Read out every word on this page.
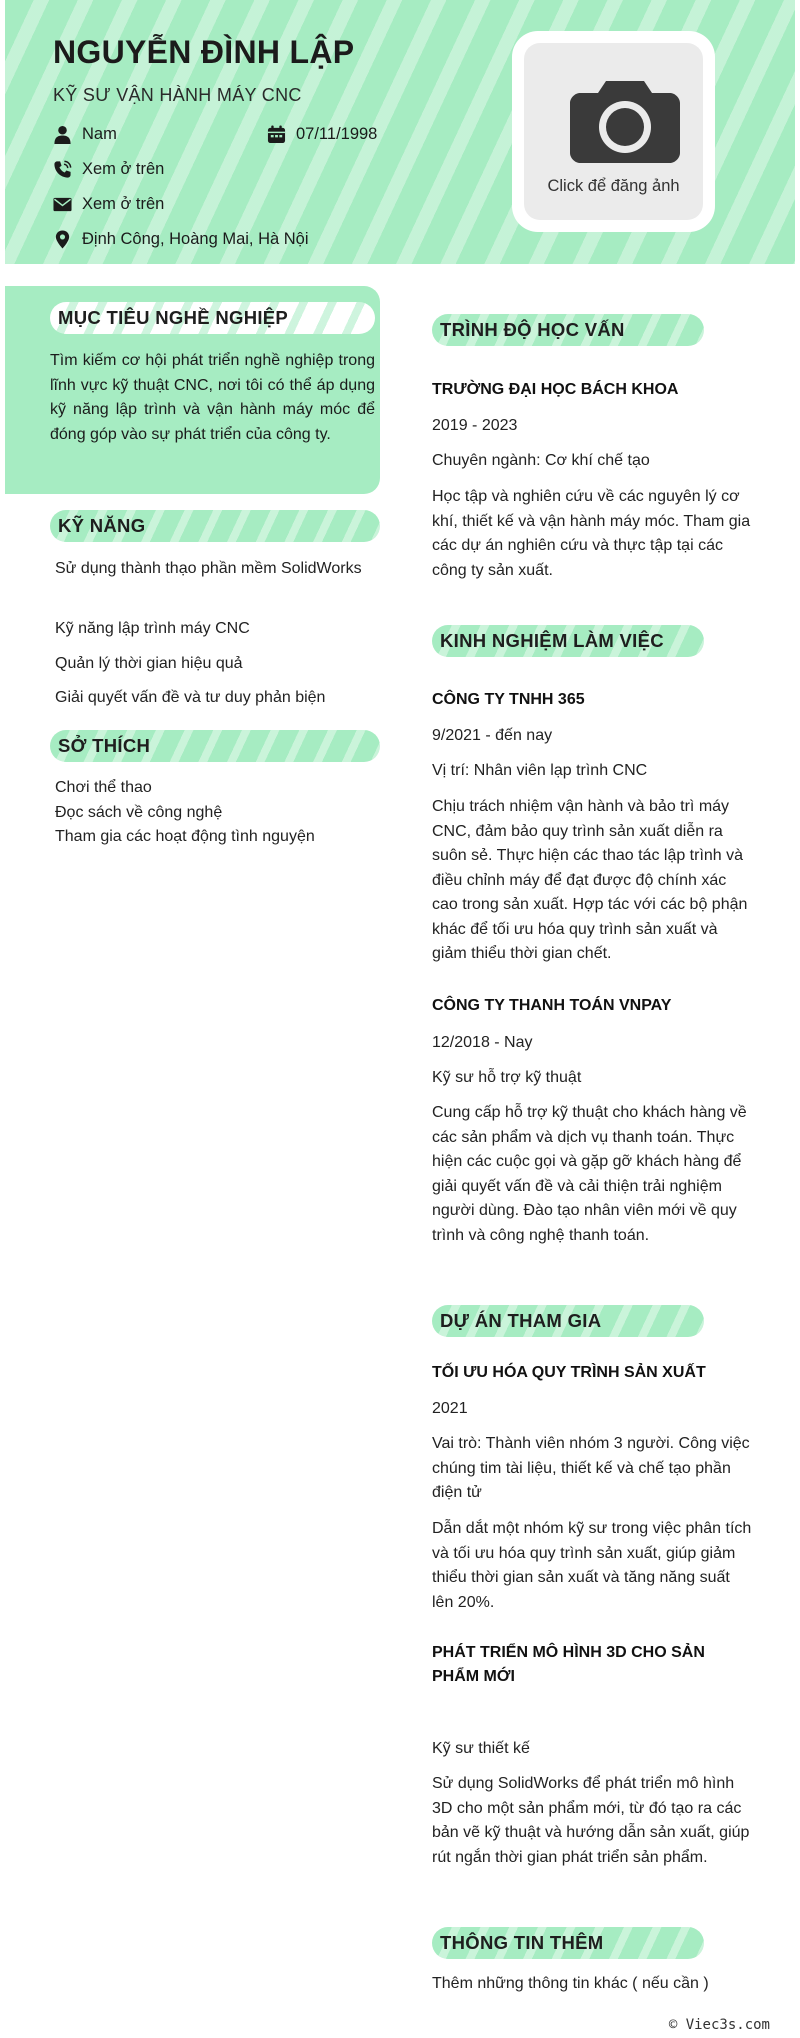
NGUYỄN ĐÌNH LẬP
KỸ SƯ VẬN HÀNH MÁY CNC
Nam	07/11/1998
Xem ở trên
Xem ở trên
Định Công, Hoàng Mai, Hà Nội
Click để đăng ảnh
MỤC TIÊU NGHỀ NGHIỆP
Tìm kiếm cơ hội phát triển nghề nghiệp trong lĩnh vực kỹ thuật CNC, nơi tôi có thể áp dụng kỹ năng lập trình và vận hành máy móc để đóng góp vào sự phát triển của công ty.
KỸ NĂNG
Sử dụng thành thạo phần mềm SolidWorks
Kỹ năng lập trình máy CNC
Quản lý thời gian hiệu quả
Giải quyết vấn đề và tư duy phản biện
SỞ THÍCH
Chơi thể thao
Đọc sách về công nghệ
Tham gia các hoạt động tình nguyện
TRÌNH ĐỘ HỌC VẤN
TRƯỜNG ĐẠI HỌC BÁCH KHOA
2019 - 2023
Chuyên ngành: Cơ khí chế tạo
Học tập và nghiên cứu về các nguyên lý cơ khí, thiết kế và vận hành máy móc. Tham gia các dự án nghiên cứu và thực tập tại các công ty sản xuất.
KINH NGHIỆM LÀM VIỆC
CÔNG TY TNHH 365
9/2021 - đến nay
Vị trí: Nhân viên lạp trình CNC
Chịu trách nhiệm vận hành và bảo trì máy CNC, đảm bảo quy trình sản xuất diễn ra suôn sẻ. Thực hiện các thao tác lập trình và điều chỉnh máy để đạt được độ chính xác cao trong sản xuất. Hợp tác với các bộ phận khác để tối ưu hóa quy trình sản xuất và giảm thiểu thời gian chết.
CÔNG TY THANH TOÁN VNPAY
12/2018 - Nay
Kỹ sư hỗ trợ kỹ thuật
Cung cấp hỗ trợ kỹ thuật cho khách hàng về các sản phẩm và dịch vụ thanh toán. Thực hiện các cuộc gọi và gặp gỡ khách hàng để giải quyết vấn đề và cải thiện trải nghiệm người dùng. Đào tạo nhân viên mới về quy trình và công nghệ thanh toán.
DỰ ÁN THAM GIA
TỐI ƯU HÓA QUY TRÌNH SẢN XUẤT
2021
Vai trò: Thành viên nhóm 3 người. Công việc chúng tim tài liệu, thiết kế và chế tạo phần điện tử
Dẫn dắt một nhóm kỹ sư trong việc phân tích và tối ưu hóa quy trình sản xuất, giúp giảm thiểu thời gian sản xuất và tăng năng suất lên 20%.
PHÁT TRIỂN MÔ HÌNH 3D CHO SẢN PHẨM MỚI
Kỹ sư thiết kế
Sử dụng SolidWorks để phát triển mô hình 3D cho một sản phẩm mới, từ đó tạo ra các bản vẽ kỹ thuật và hướng dẫn sản xuất, giúp rút ngắn thời gian phát triển sản phẩm.
THÔNG TIN THÊM
Thêm những thông tin khác ( nếu cần )
© Viec3s.com
